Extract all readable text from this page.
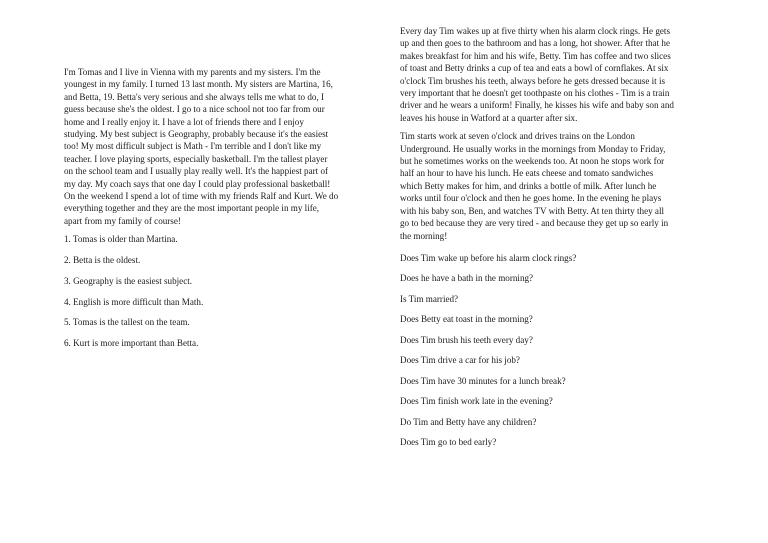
I'm Tomas and I live in Vienna with my parents and my sisters. I'm the
youngest in my family. I turned 13 last month. My sisters are Martina, 16,
and Betta, 19. Betta's very serious and she always tells me what to do, I
guess because she's the oldest. I go to a nice school not too far from our
home and I really enjoy it. I have a lot of friends there and I enjoy
studying. My best subject is Geography, probably because it's the easiest
too! My most difficult subject is Math - I'm terrible and I don't like my
teacher. I love playing sports, especially basketball. I'm the tallest player
on the school team and I usually play really well. It's the happiest part of
my day. My coach says that one day I could play professional basketball!
On the weekend I spend a lot of time with my friends Ralf and Kurt. We do
everything together and they are the most important people in my life,
apart from my family of course!

1. Tomas is older than Martina.
2. Betta is the oldest.
3. Geography is the easiest subject.
4. English is more difficult than Math.
5. Tomas is the tallest on the team.
6. Kurt is more important than Betta.

Every day Tim wakes up at five thirty when his alarm clock rings. He gets
up and then goes to the bathroom and has a long, hot shower. After that he
makes breakfast for him and his wife, Betty. Tim has coffee and two slices
of toast and Betty drinks a cup of tea and eats a bowl of cornflakes. At six
o'clock Tim brushes his teeth, always before he gets dressed because it is
very important that he doesn't get toothpaste on his clothes - Tim is a train
driver and he wears a uniform! Finally, he kisses his wife and baby son and
leaves his house in Watford at a quarter after six.

Tim starts work at seven o'clock and drives trains on the London
Underground. He usually works in the mornings from Monday to Friday,
but he sometimes works on the weekends too. At noon he stops work for
half an hour to have his lunch. He eats cheese and tomato sandwiches
which Betty makes for him, and drinks a bottle of milk. After lunch he
works until four o'clock and then he goes home. In the evening he plays
with his baby son, Ben, and watches TV with Betty. At ten thirty they all
go to bed because they are very tired - and because they get up so early in
the morning!

Does Tim wake up before his alarm clock rings?
Does he have a bath in the morning?
Is Tim married?
Does Betty eat toast in the morning?
Does Tim brush his teeth every day?
Does Tim drive a car for his job?
Does Tim have 30 minutes for a lunch break?
Does Tim finish work late in the evening?
Do Tim and Betty have any children?
Does Tim go to bed early?
